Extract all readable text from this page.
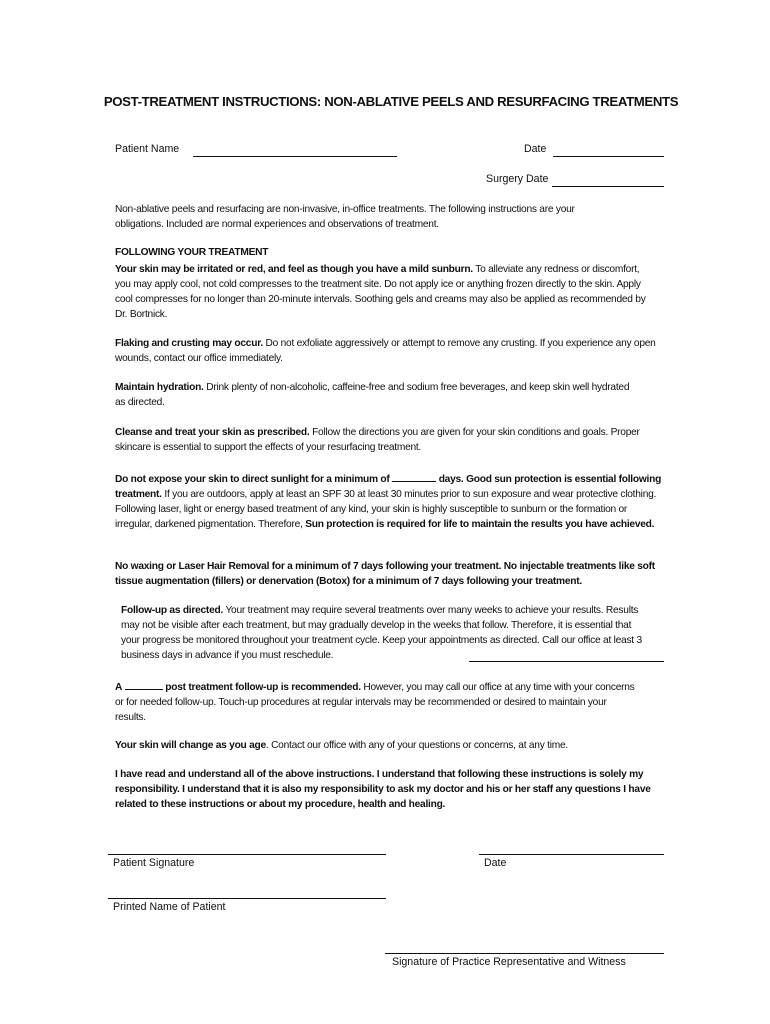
POST-TREATMENT INSTRUCTIONS: NON-ABLATIVE PEELS AND RESURFACING TREATMENTS
Patient Name	Date
Surgery Date
Non-ablative peels and resurfacing are non-invasive, in-office treatments. The following instructions are your obligations. Included are normal experiences and observations of treatment.
FOLLOWING YOUR TREATMENT
Your skin may be irritated or red, and feel as though you have a mild sunburn. To alleviate any redness or discomfort, you may apply cool, not cold compresses to the treatment site. Do not apply ice or anything frozen directly to the skin. Apply cool compresses for no longer than 20-minute intervals. Soothing gels and creams may also be applied as recommended by Dr. Bortnick.
Flaking and crusting may occur. Do not exfoliate aggressively or attempt to remove any crusting. If you experience any open wounds, contact our office immediately.
Maintain hydration. Drink plenty of non-alcoholic, caffeine-free and sodium free beverages, and keep skin well hydrated as directed.
Cleanse and treat your skin as prescribed. Follow the directions you are given for your skin conditions and goals. Proper skincare is essential to support the effects of your resurfacing treatment.
Do not expose your skin to direct sunlight for a minimum of	days. Good sun protection is essential following treatment. If you are outdoors, apply at least an SPF 30 at least 30 minutes prior to sun exposure and wear protective clothing. Following laser, light or energy based treatment of any kind, your skin is highly susceptible to sunburn or the formation or irregular, darkened pigmentation. Therefore, Sun protection is required for life to maintain the results you have achieved.
No waxing or Laser Hair Removal for a minimum of 7 days following your treatment. No injectable treatments like soft tissue augmentation (fillers) or denervation (Botox) for a minimum of 7 days following your treatment.
Follow-up as directed. Your treatment may require several treatments over many weeks to achieve your results. Results may not be visible after each treatment, but may gradually develop in the weeks that follow. Therefore, it is essential that your progress be monitored throughout your treatment cycle. Keep your appointments as directed. Call our office at least 3 business days in advance if you must reschedule.
A	post treatment follow-up is recommended. However, you may call our office at any time with your concerns or for needed follow-up. Touch-up procedures at regular intervals may be recommended or desired to maintain your results.
Your skin will change as you age. Contact our office with any of your questions or concerns, at any time.
I have read and understand all of the above instructions. I understand that following these instructions is solely my responsibility. I understand that it is also my responsibility to ask my doctor and his or her staff any questions I have related to these instructions or about my procedure, health and healing.
Patient Signature	Date
Printed Name of Patient
Signature of Practice Representative and Witness
